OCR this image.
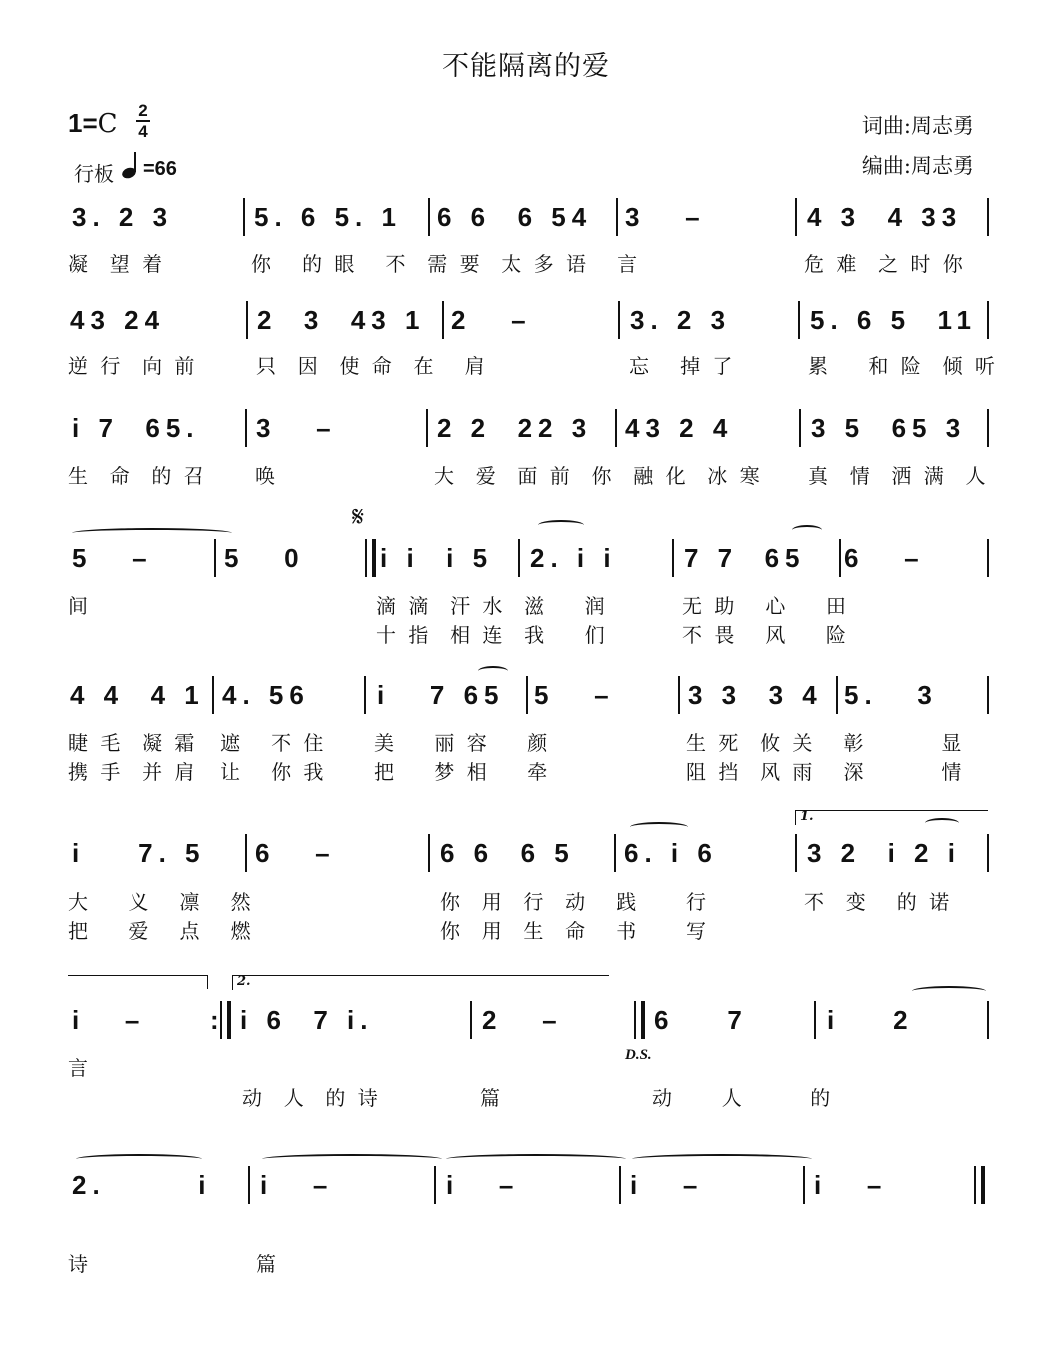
不能隔离的爱
1=C 2
4
行板 =66
词曲:周志勇
编曲:周志勇
𝄋
1.
2.
D.S.
3. 2 3	5. 6 5. 1 6 6  6 54 3   –	4 3  4 33
凝  望 着	你   的 眼   不  需 要  太 多 语   言	危 难  之 时 你
43 24	2  3  43 1 2   –	3. 2 3	5. 6 5  11
逆 行  向 前	只  因  使 命  在   肩	忘   掉 了	累    和 险  倾 听
i 7  65. 3   –	2 2  22 3 43 2 4	3 5  65 3
生  命  的 召 唤	大  爱  面 前  你  融 化  冰 寒 真  情  洒 满  人
5   –	5   0	i i  i 5 2. i i	7 7  65 6   –
间	滴 滴  汗 水  滋    润	无 助   心    田
十 指  相 连  我    们	不 畏   风    险
4 4  4 1 4. 56	i   7 65 5   –	3 3  3 4 5.   3
睫 毛  凝 霜 遮   不 住 美    丽 容    颜	生 死  攸 关   彰        显
携 手  并 肩 让   你 我 把    梦 相    牵	阻 挡  风 雨   深        情
i    7. 5 6   –	6 6  6 5 6. i 6	3 2  i 2 i
大    义   凛   然	你  用  行  动   践     行	不  变   的 诺
把    爱   点   燃	你  用  生  命   书     写
i   – : i 6  7 i.	2   –	6    7	i    2
言
动  人  的 诗	篇	动     人       的
2.       i i   –	i   –	i   –	i   –
诗	篇
